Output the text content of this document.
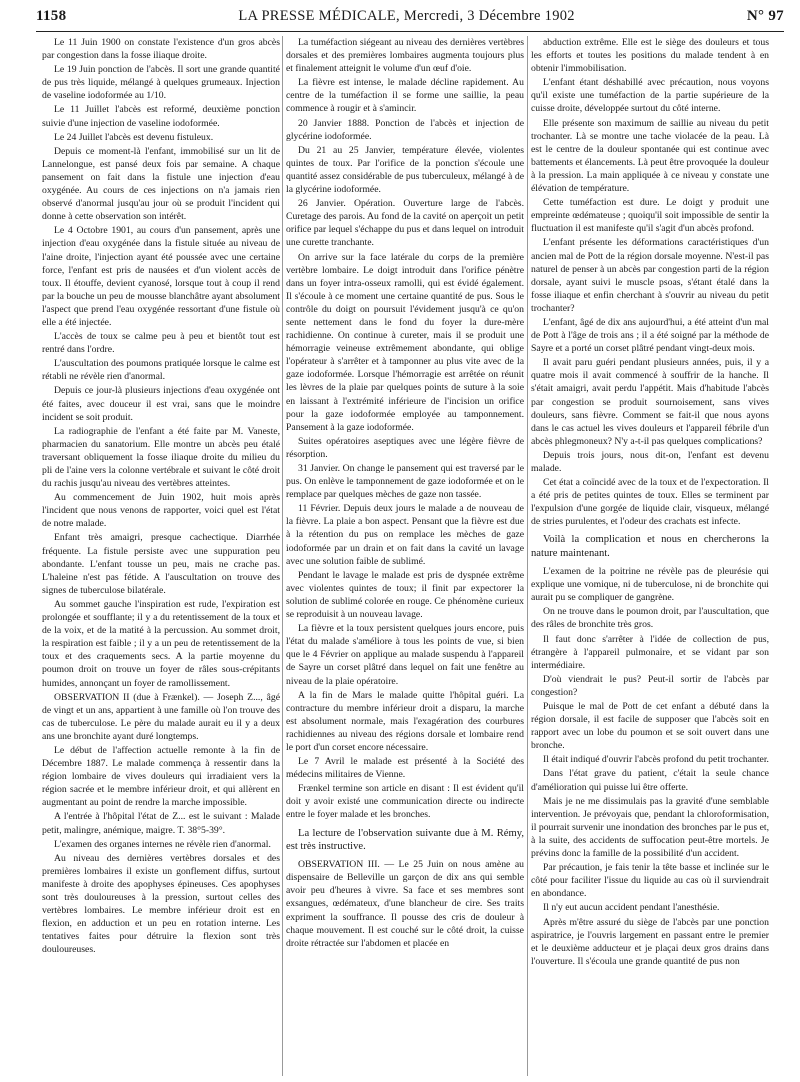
1158	LA PRESSE MÉDICALE, Mercredi, 3 Décembre 1902	N° 97

Le 11 Juin 1900 on constate l'existence d'un gros abcès par congestion dans la fosse iliaque droite.

Le 19 Juin ponction de l'abcès. Il sort une grande quantité de pus très liquide, mélangé à quelques grumeaux. Injection de vaseline iodoformée au 1/10.

Le 11 Juillet l'abcès est reformé, deuxième ponction suivie d'une injection de vaseline iodoformée.

Le 24 Juillet l'abcès est devenu fistuleux.

Depuis ce moment-là l'enfant, immobilisé sur un lit de Lannelongue, est pansé deux fois par semaine. A chaque pansement on fait dans la fistule une injection d'eau oxygénée. Au cours de ces injections on n'a jamais rien observé d'anormal jusqu'au jour où se produit l'incident qui donne à cette observation son intérêt.

Le 4 Octobre 1901, au cours d'un pansement, après une injection d'eau oxygénée dans la fistule située au niveau de l'aine droite, l'injection ayant été poussée avec une certaine force, l'enfant est pris de nausées et d'un violent accès de toux. Il étouffe, devient cyanosé, lorsque tout à coup il rend par la bouche un peu de mousse blanchâtre ayant absolument l'aspect que prend l'eau oxygénée ressortant d'une fistule où elle a été injectée.

L'accès de toux se calme peu à peu et bientôt tout est rentré dans l'ordre.

L'auscultation des poumons pratiquée lorsque le calme est rétabli ne révèle rien d'anormal.

Depuis ce jour-là plusieurs injections d'eau oxygénée ont été faites, avec douceur il est vrai, sans que le moindre incident se soit produit.

La radiographie de l'enfant a été faite par M. Vaneste, pharmacien du sanatorium. Elle montre un abcès peu étalé traversant obliquement la fosse iliaque droite du milieu du pli de l'aine vers la colonne vertébrale et suivant le côté droit du rachis jusqu'au niveau des vertèbres atteintes.

Au commencement de Juin 1902, huit mois après l'incident que nous venons de rapporter, voici quel est l'état de notre malade.

Enfant très amaigri, presque cachectique. Diarrhée fréquente. La fistule persiste avec une suppuration peu abondante. L'enfant tousse un peu, mais ne crache pas. L'haleine n'est pas fétide. A l'auscultation on trouve des signes de tuberculose bilatérale.

Au sommet gauche l'inspiration est rude, l'expiration est prolongée et soufflante; il y a du retentissement de la toux et de la voix, et de la matité à la percussion. Au sommet droit, la respiration est faible ; il y a un peu de retentissement de la toux et des craquements secs. A la partie moyenne du poumon droit on trouve un foyer de râles sous-crépitants humides, annonçant un foyer de ramollissement.

OBSERVATION II (due à Frænkel). — Joseph Z..., âgé de vingt et un ans, appartient à une famille où l'on trouve des cas de tuberculose. Le père du malade aurait eu il y a deux ans une bronchite ayant duré longtemps.

Le début de l'affection actuelle remonte à la fin de Décembre 1887. Le malade commença à ressentir dans la région lombaire de vives douleurs qui irradiaient vers la région sacrée et le membre inférieur droit, et qui allèrent en augmentant au point de rendre la marche impossible.

A l'entrée à l'hôpital l'état de Z... est le suivant : Malade petit, malingre, anémique, maigre. T. 38°5-39°.

L'examen des organes internes ne révèle rien d'anormal.

Au niveau des dernières vertèbres dorsales et des premières lombaires il existe un gonflement diffus, surtout manifeste à droite des apophyses épineuses. Ces apophyses sont très douloureuses à la pression, surtout celles des vertèbres lombaires. Le membre inférieur droit est en flexion, en adduction et un peu en rotation interne. Les tentatives faites pour détruire la flexion sont très douloureuses.

La tuméfaction siégeant au niveau des dernières vertèbres dorsales et des premières lombaires augmenta toujours plus et finalement atteignit le volume d'un œuf d'oie.

La fièvre est intense, le malade décline rapidement. Au centre de la tuméfaction il se forme une saillie, la peau commence à rougir et à s'amincir.

20 Janvier 1888. Ponction de l'abcès et injection de glycérine iodoformée.

Du 21 au 25 Janvier, température élevée, violentes quintes de toux. Par l'orifice de la ponction s'écoule une quantité assez considérable de pus tuberculeux, mélangé à de la glycérine iodoformée.

26 Janvier. Opération. Ouverture large de l'abcès. Curetage des parois. Au fond de la cavité on aperçoit un petit orifice par lequel s'échappe du pus et dans lequel on introduit une curette tranchante.

On arrive sur la face latérale du corps de la première vertèbre lombaire. Le doigt introduit dans l'orifice pénètre dans un foyer intra-osseux ramolli, qui est évidé également. Il s'écoule à ce moment une certaine quantité de pus. Sous le contrôle du doigt on poursuit l'évidement jusqu'à ce qu'on sente nettement dans le fond du foyer la dure-mère rachidienne. On continue à cureter, mais il se produit une hémorragie veineuse extrêmement abondante, qui oblige l'opérateur à s'arrêter et à tamponner au plus vite avec de la gaze iodoformée. Lorsque l'hémorragie est arrêtée on réunit les lèvres de la plaie par quelques points de suture à la soie en laissant à l'extrémité inférieure de l'incision un orifice pour la gaze iodoformée employée au tamponnement. Pansement à la gaze iodoformée.

Suites opératoires aseptiques avec une légère fièvre de résorption.

31 Janvier. On change le pansement qui est traversé par le pus. On enlève le tamponnement de gaze iodoformée et on le remplace par quelques mèches de gaze non tassée.

11 Février. Depuis deux jours le malade a de nouveau de la fièvre. La plaie a bon aspect. Pensant que la fièvre est due à la rétention du pus on remplace les mèches de gaze iodoformée par un drain et on fait dans la cavité un lavage avec une solution faible de sublimé.

Pendant le lavage le malade est pris de dyspnée extrême avec violentes quintes de toux; il finit par expectorer la solution de sublimé colorée en rouge. Ce phénomène curieux se reproduisit à un nouveau lavage.

La fièvre et la toux persistent quelques jours encore, puis l'état du malade s'améliore à tous les points de vue, si bien que le 4 Février on applique au malade suspendu à l'appareil de Sayre un corset plâtré dans lequel on fait une fenêtre au niveau de la plaie opératoire.

A la fin de Mars le malade quitte l'hôpital guéri. La contracture du membre inférieur droit a disparu, la marche est absolument normale, mais l'exagération des courbures rachidiennes au niveau des régions dorsale et lombaire rend le port d'un corset encore nécessaire.

Le 7 Avril le malade est présenté à la Société des médecins militaires de Vienne.

Frænkel termine son article en disant : Il est évident qu'il doit y avoir existé une communication directe ou indirecte entre le foyer malade et les bronches.

La lecture de l'observation suivante due à M. Rémy, est très instructive.

OBSERVATION III. — Le 25 Juin on nous amène au dispensaire de Belleville un garçon de dix ans qui semble avoir peu d'heures à vivre. Sa face et ses membres sont exsangues, œdémateux, d'une blancheur de cire. Ses traits expriment la souffrance. Il pousse des cris de douleur à chaque mouvement. Il est couché sur le côté droit, la cuisse droite rétractée sur l'abdomen et placée en

abduction extrême. Elle est le siège des douleurs et tous les efforts et toutes les positions du malade tendent à en obtenir l'immobilisation.

L'enfant étant déshabillé avec précaution, nous voyons qu'il existe une tuméfaction de la partie supérieure de la cuisse droite, développée surtout du côté interne.

Elle présente son maximum de saillie au niveau du petit trochanter. Là se montre une tache violacée de la peau. Là est le centre de la douleur spontanée qui est continue avec battements et élancements. Là peut être provoquée la douleur à la pression. La main appliquée à ce niveau y constate une élévation de température.

Cette tuméfaction est dure. Le doigt y produit une empreinte œdémateuse ; quoiqu'il soit impossible de sentir la fluctuation il est manifeste qu'il s'agit d'un abcès profond.

L'enfant présente les déformations caractéristiques d'un ancien mal de Pott de la région dorsale moyenne. N'est-il pas naturel de penser à un abcès par congestion parti de la région dorsale, ayant suivi le muscle psoas, s'étant étalé dans la fosse iliaque et enfin cherchant à s'ouvrir au niveau du petit trochanter?

L'enfant, âgé de dix ans aujourd'hui, a été atteint d'un mal de Pott à l'âge de trois ans ; il a été soigné par la méthode de Sayre et a porté un corset plâtré pendant vingt-deux mois.

Il avait paru guéri pendant plusieurs années, puis, il y a quatre mois il avait commencé à souffrir de la hanche. Il s'était amaigri, avait perdu l'appétit. Mais d'habitude l'abcès par congestion se produit sournoisement, sans vives douleurs, sans fièvre. Comment se fait-il que nous ayons dans le cas actuel les vives douleurs et l'appareil fébrile d'un abcès phlegmoneux? N'y a-t-il pas quelques complications?

Depuis trois jours, nous dit-on, l'enfant est devenu malade.

Cet état a coïncidé avec de la toux et de l'expectoration. Il a été pris de petites quintes de toux. Elles se terminent par l'expulsion d'une gorgée de liquide clair, visqueux, mélangé de stries purulentes, et l'odeur des crachats est infecte.

Voilà la complication et nous en chercherons la nature maintenant.

L'examen de la poitrine ne révèle pas de pleurésie qui explique une vomique, ni de tuberculose, ni de bronchite qui aurait pu se compliquer de gangrène.

On ne trouve dans le poumon droit, par l'auscultation, que des râles de bronchite très gros.

Il faut donc s'arrêter à l'idée de collection de pus, étrangère à l'appareil pulmonaire, et se vidant par son intermédiaire.

D'où viendrait le pus? Peut-il sortir de l'abcès par congestion?

Puisque le mal de Pott de cet enfant a débuté dans la région dorsale, il est facile de supposer que l'abcès soit en rapport avec un lobe du poumon et se soit ouvert dans une bronche.

Il était indiqué d'ouvrir l'abcès profond du petit trochanter.

Dans l'état grave du patient, c'était la seule chance d'amélioration qui puisse lui être offerte.

Mais je ne me dissimulais pas la gravité d'une semblable intervention. Je prévoyais que, pendant la chloroformisation, il pourrait survenir une inondation des bronches par le pus et, à la suite, des accidents de suffocation peut-être mortels. Je prévins donc la famille de la possibilité d'un accident.

Par précaution, je fais tenir la tête basse et inclinée sur le côté pour faciliter l'issue du liquide au cas où il surviendrait en abondance.

Il n'y eut aucun accident pendant l'anesthésie.

Après m'être assuré du siège de l'abcès par une ponction aspiratrice, je l'ouvris largement en passant entre le premier et le deuxième adducteur et je plaçai deux gros drains dans l'ouverture. Il s'écoula une grande quantité de pus non
